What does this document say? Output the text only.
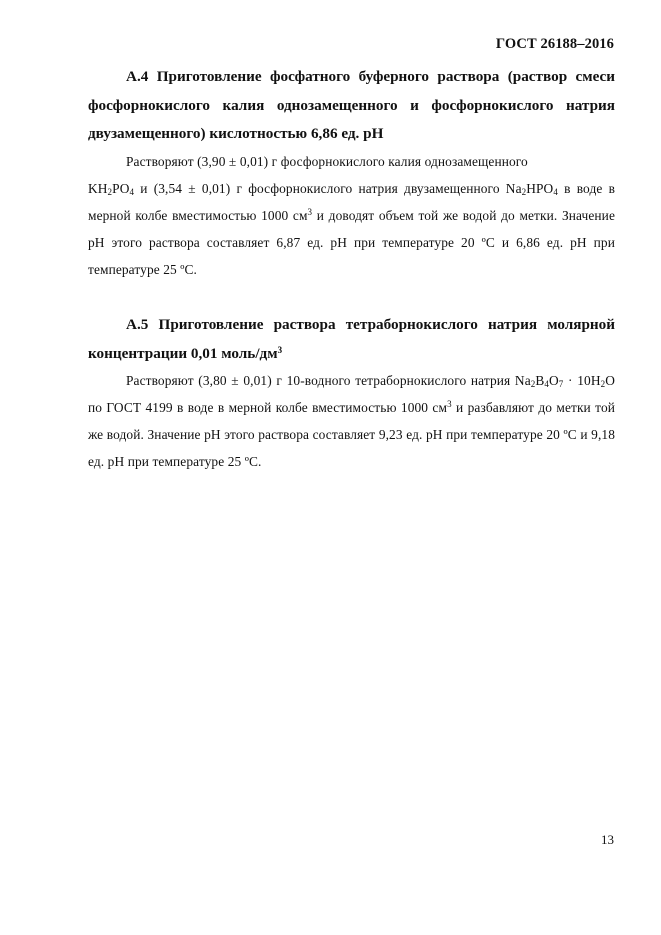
ГОСТ 26188–2016

А.4 Приготовление фосфатного буферного раствора (раствор смеси фосфорнокислого калия однозамещенного и фосфорнокислого натрия двузамещенного) кислотностью 6,86 ед. рН

Растворяют (3,90 ± 0,01) г фосфорнокислого калия однозамещенного
$KH_2PO_4$ и (3,54 ± 0,01) г фосфорнокислого натрия двузамещенного $Na_2HPO_4$ в воде в мерной колбе вместимостью 1000 $см^3$ и доводят объем той же водой до метки. Значение рН этого раствора составляет 6,87 ед. рН при температуре 20 ºС и 6,86 ед. рН при температуре 25 ºС.

А.5 Приготовление раствора тетраборнокислого натрия молярной концентрации 0,01 моль/$дм^3$

Растворяют (3,80 ± 0,01) г 10-водного тетраборнокислого натрия $Na_2B_4O_7 \cdot 10H_2O$ по ГОСТ 4199 в воде в мерной колбе вместимостью 1000 $см^3$ и разбавляют до метки той же водой. Значение рН этого раствора составляет 9,23 ед. рН при температуре 20 ºС и 9,18 ед. рН при температуре 25 ºС.

13
